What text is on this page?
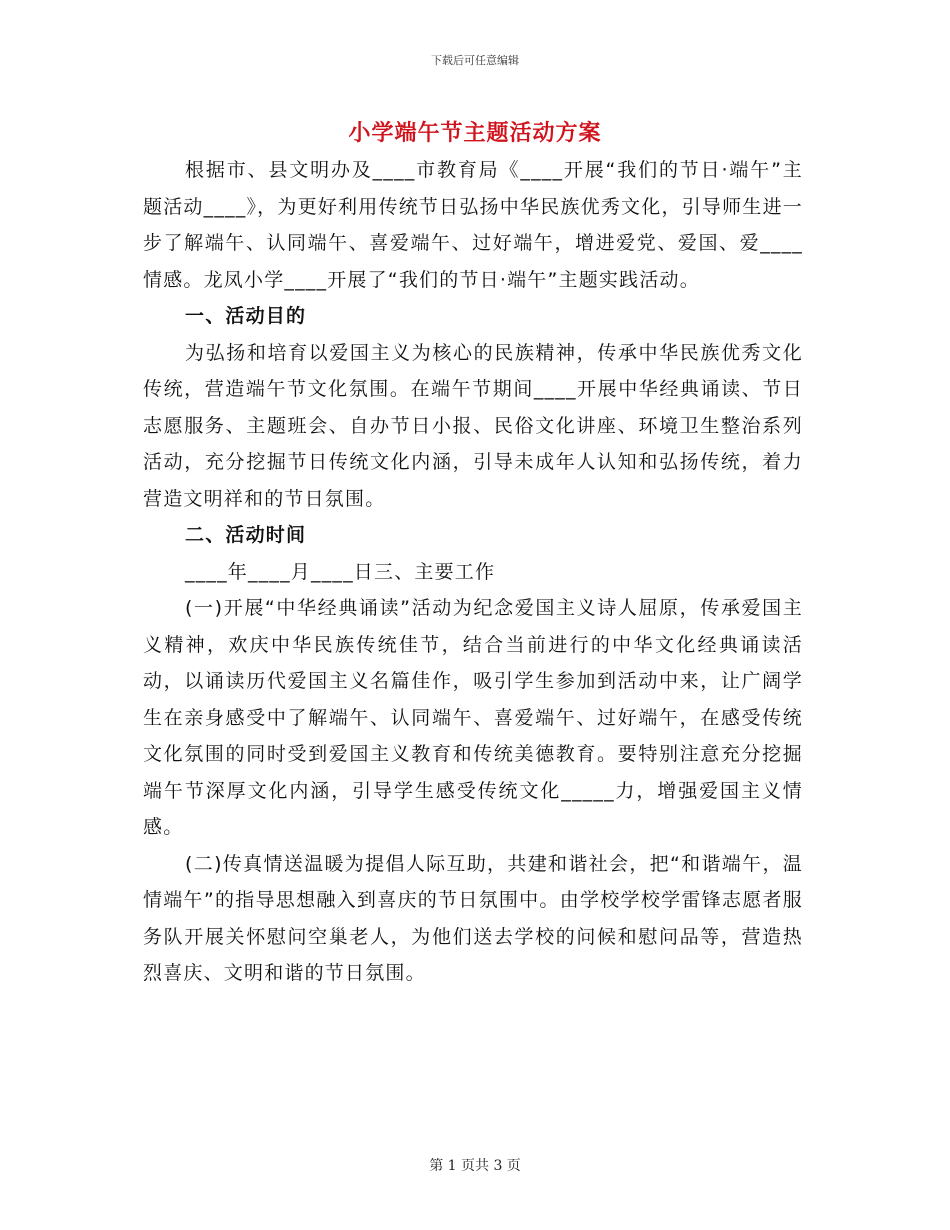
下载后可任意编辑
小学端午节主题活动方案

根据市、县文明办及____市教育局《____开展“我们的节日·端午”主题活动____》，为更好利用传统节日弘扬中华民族优秀文化，引导师生进一步了解端午、认同端午、喜爱端午、过好端午，增进爱党、爱国、爱____情感。龙凤小学____开展了“我们的节日·端午”主题实践活动。

一、活动目的

为弘扬和培育以爱国主义为核心的民族精神，传承中华民族优秀文化传统，营造端午节文化氛围。在端午节期间____开展中华经典诵读、节日志愿服务、主题班会、自办节日小报、民俗文化讲座、环境卫生整治系列活动，充分挖掘节日传统文化内涵，引导未成年人认知和弘扬传统，着力营造文明祥和的节日氛围。

二、活动时间

____年____月____日三、主要工作

(一)开展“中华经典诵读”活动为纪念爱国主义诗人屈原，传承爱国主义精神，欢庆中华民族传统佳节，结合当前进行的中华文化经典诵读活动，以诵读历代爱国主义名篇佳作，吸引学生参加到活动中来，让广阔学生在亲身感受中了解端午、认同端午、喜爱端午、过好端午，在感受传统文化氛围的同时受到爱国主义教育和传统美德教育。要特别注意充分挖掘端午节深厚文化内涵，引导学生感受传统文化_____力，增强爱国主义情感。

(二)传真情送温暖为提倡人际互助，共建和谐社会，把“和谐端午，温情端午”的指导思想融入到喜庆的节日氛围中。由学校学校学雷锋志愿者服务队开展关怀慰问空巢老人，为他们送去学校的问候和慰问品等，营造热烈喜庆、文明和谐的节日氛围。

第 1 页共 3 页
